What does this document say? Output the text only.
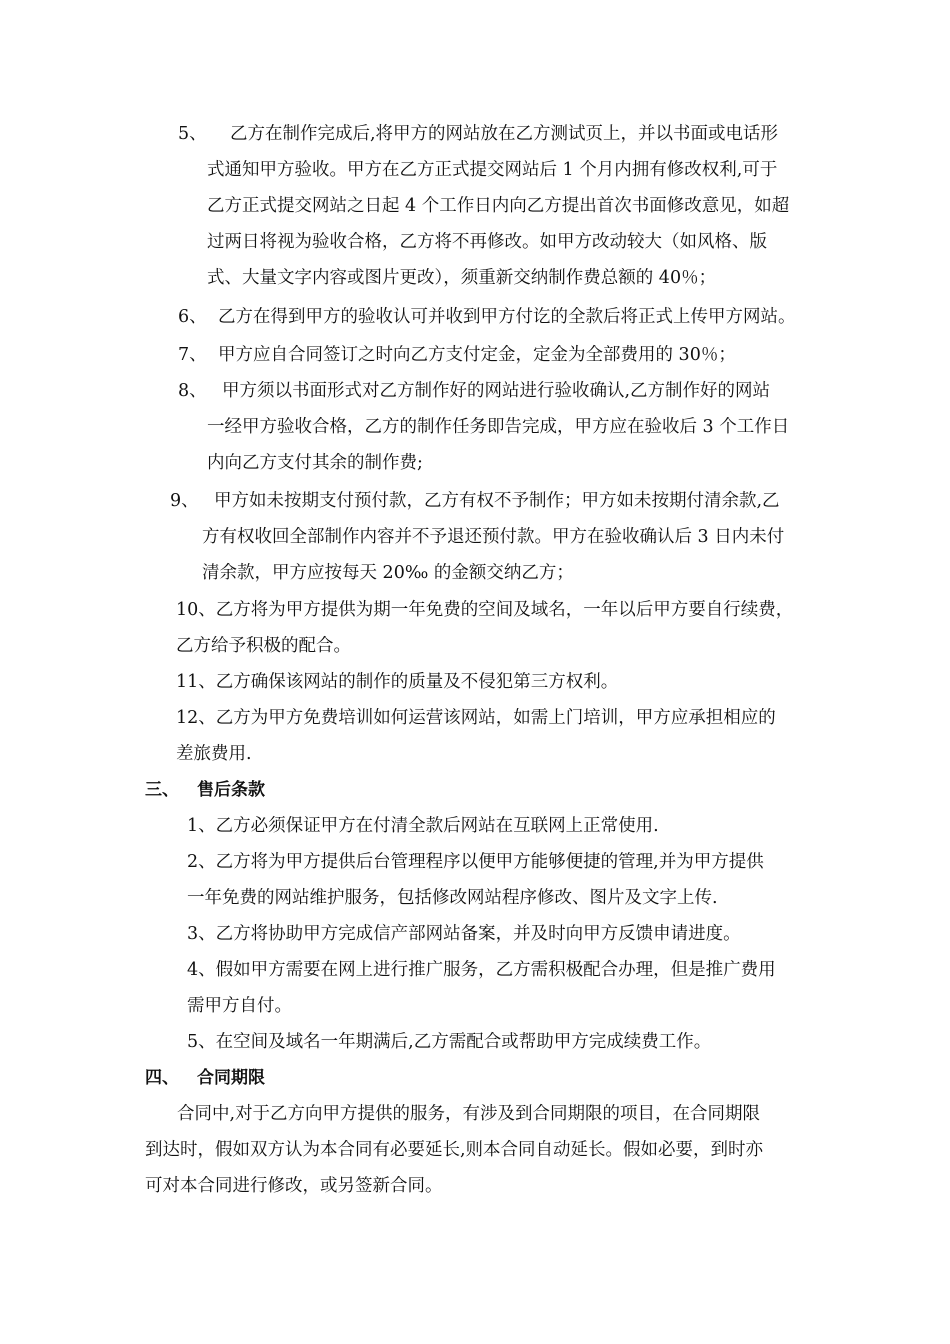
5、 乙方在制作完成后,将甲方的网站放在乙方测试页上，并以书面或电话形
式通知甲方验收。甲方在乙方正式提交网站后 1 个月内拥有修改权利,可于
乙方正式提交网站之日起 4 个工作日内向乙方提出首次书面修改意见，如超
过两日将视为验收合格，乙方将不再修改。如甲方改动较大（如风格、版
式、大量文字内容或图片更改），须重新交纳制作费总额的 40％；
6、 乙方在得到甲方的验收认可并收到甲方付讫的全款后将正式上传甲方网站。
7、 甲方应自合同签订之时向乙方支付定金，定金为全部费用的 30％；
8、 甲方须以书面形式对乙方制作好的网站进行验收确认,乙方制作好的网站
一经甲方验收合格，乙方的制作任务即告完成，甲方应在验收后 3 个工作日
内向乙方支付其余的制作费;
9、 甲方如未按期支付预付款，乙方有权不予制作；甲方如未按期付清余款,乙
方有权收回全部制作内容并不予退还预付款。甲方在验收确认后 3 日内未付
清余款，甲方应按每天 20‰ 的金额交纳乙方；
10、乙方将为甲方提供为期一年免费的空间及域名，一年以后甲方要自行续费，
乙方给予积极的配合。
11、乙方确保该网站的制作的质量及不侵犯第三方权利。
12、乙方为甲方免费培训如何运营该网站，如需上门培训，甲方应承担相应的
差旅费用.
三、 售后条款
1、乙方必须保证甲方在付清全款后网站在互联网上正常使用.
2、乙方将为甲方提供后台管理程序以便甲方能够便捷的管理,并为甲方提供
一年免费的网站维护服务，包括修改网站程序修改、图片及文字上传.
3、乙方将协助甲方完成信产部网站备案，并及时向甲方反馈申请进度。
4、假如甲方需要在网上进行推广服务，乙方需积极配合办理，但是推广费用
需甲方自付。
5、在空间及域名一年期满后,乙方需配合或帮助甲方完成续费工作。
四、 合同期限
合同中,对于乙方向甲方提供的服务，有涉及到合同期限的项目，在合同期限
到达时，假如双方认为本合同有必要延长,则本合同自动延长。假如必要，到时亦
可对本合同进行修改，或另签新合同。
